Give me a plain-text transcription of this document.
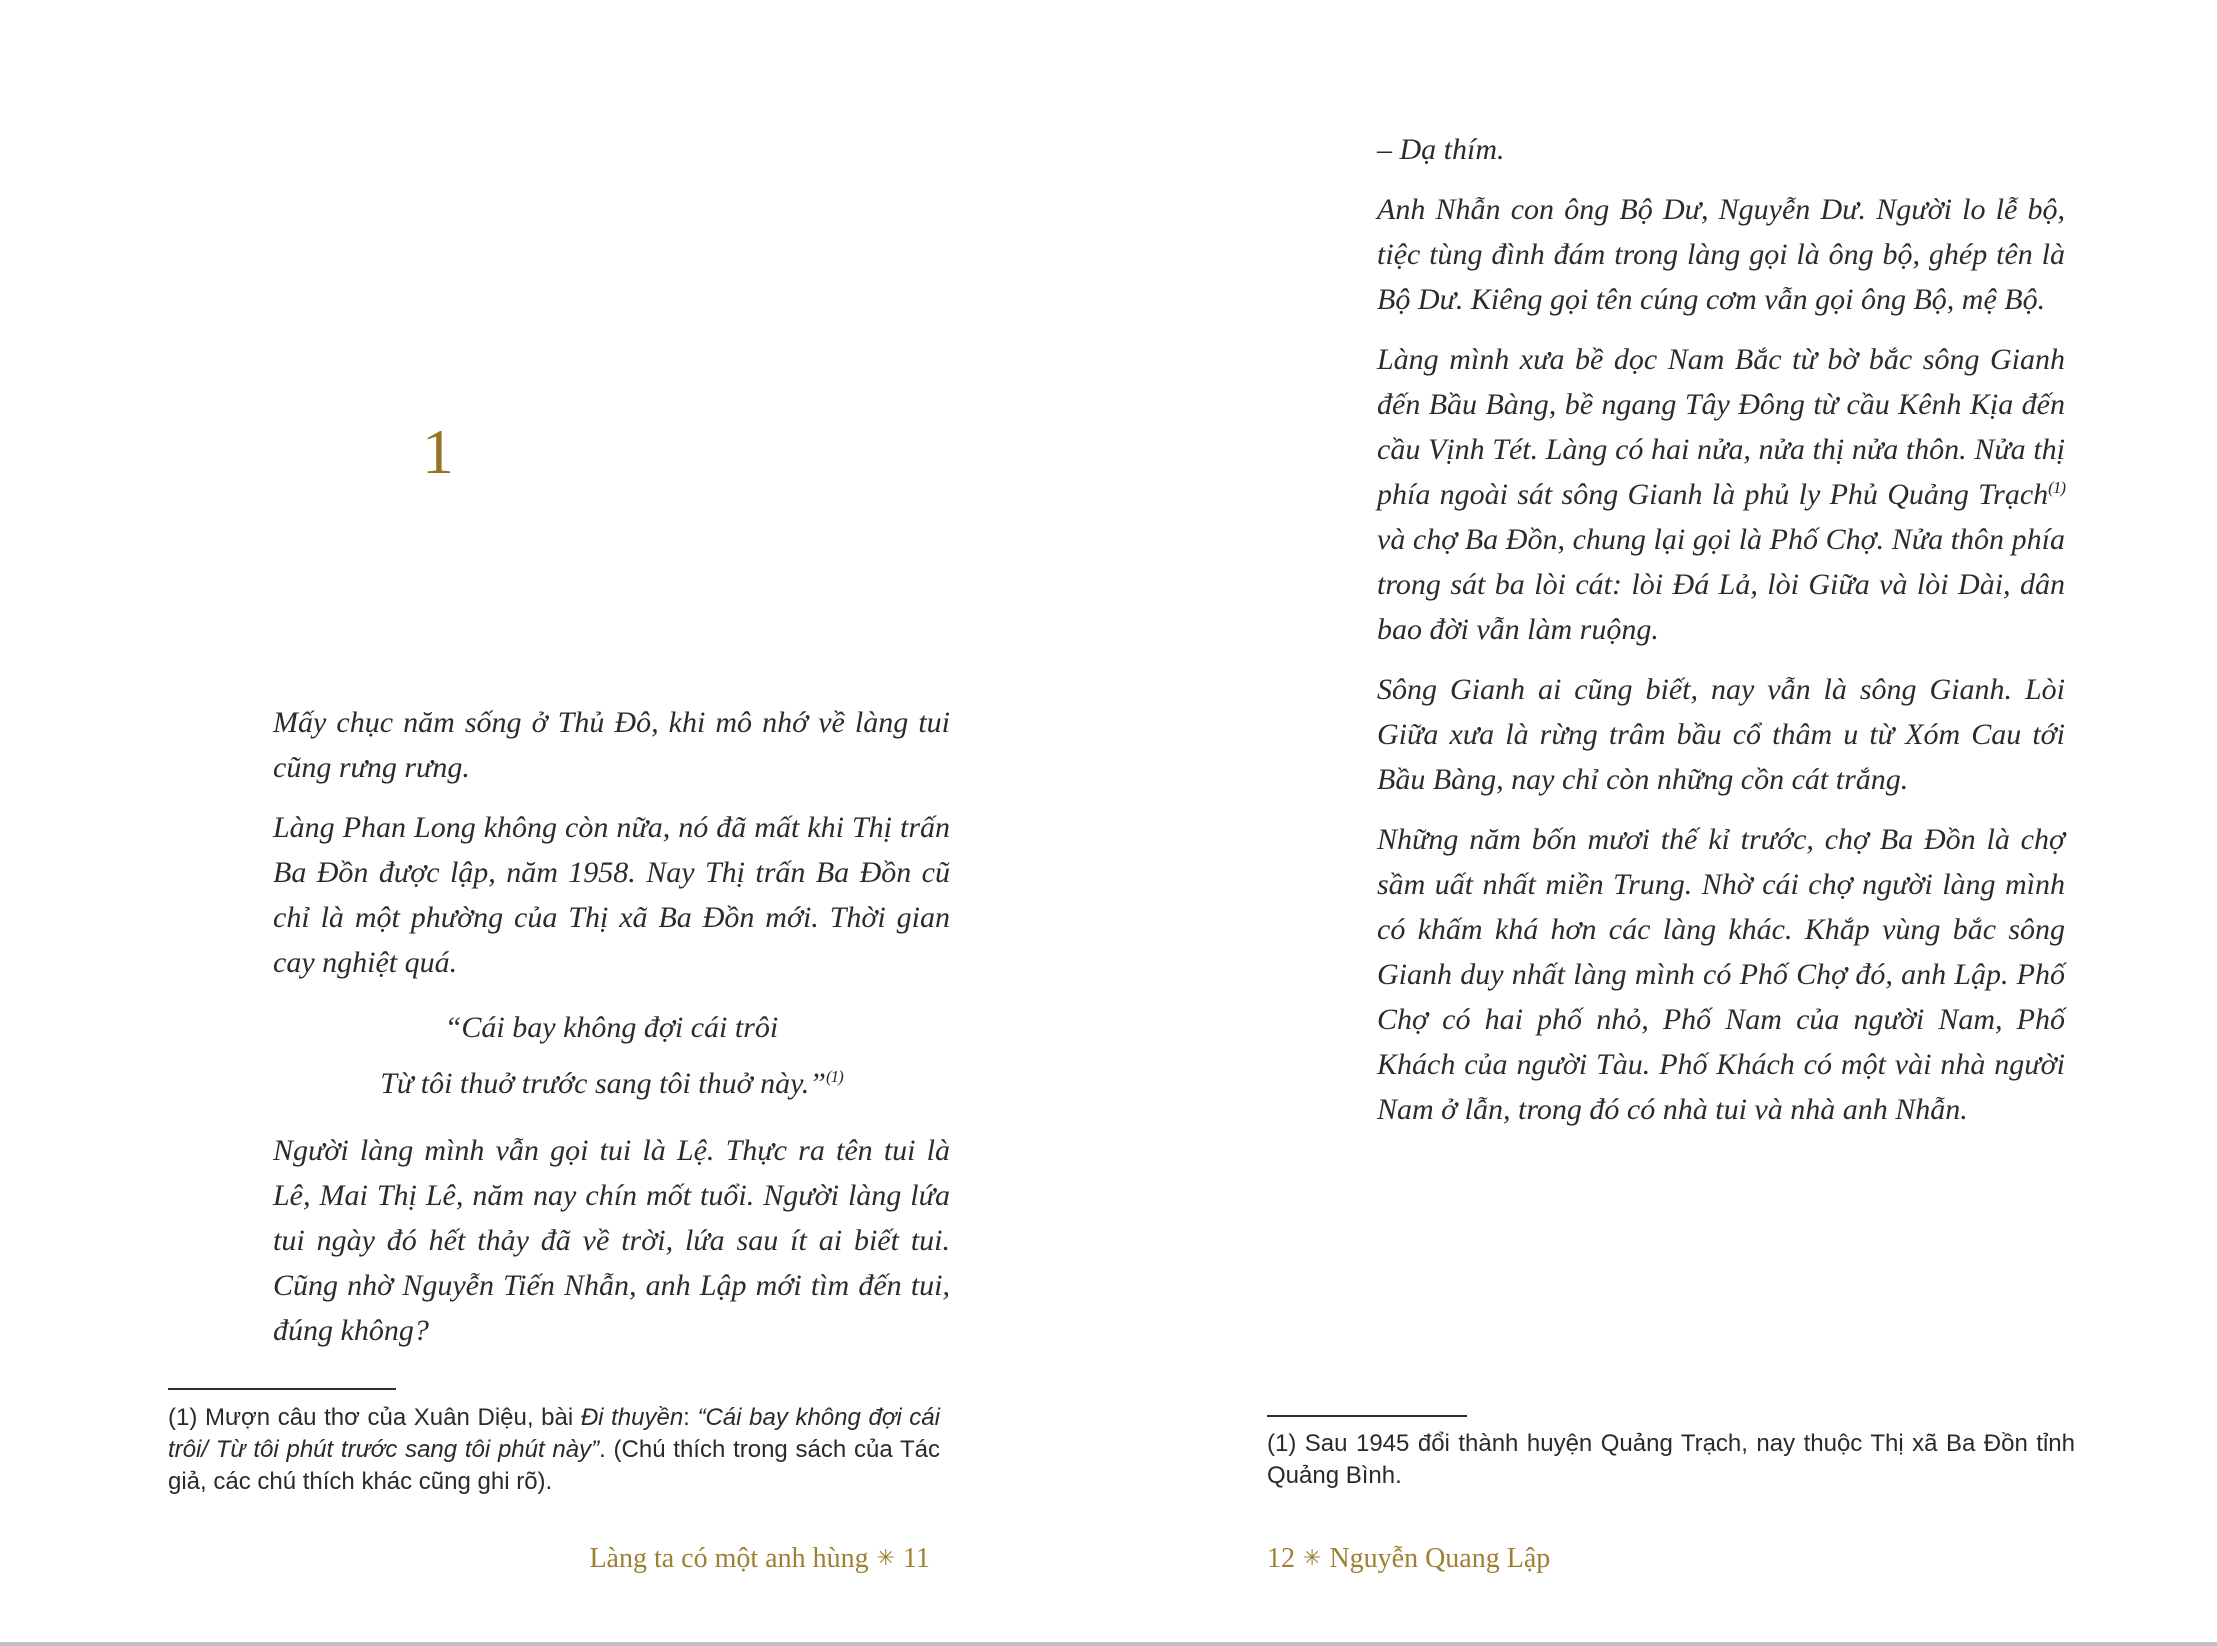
1

Mấy chục năm sống ở Thủ Đô, khi mô nhớ về làng tui cũng rưng rưng.

Làng Phan Long không còn nữa, nó đã mất khi Thị trấn Ba Đồn được lập, năm 1958. Nay Thị trấn Ba Đồn cũ chỉ là một phường của Thị xã Ba Đồn mới. Thời gian cay nghiệt quá.

“Cái bay không đợi cái trôi
Từ tôi thuở trước sang tôi thuở này.”$^{(1)}$

Người làng mình vẫn gọi tui là Lệ. Thực ra tên tui là Lê, Mai Thị Lê, năm nay chín mốt tuổi. Người làng lứa tui ngày đó hết thảy đã về trời, lứa sau ít ai biết tui. Cũng nhờ Nguyễn Tiến Nhẫn, anh Lập mới tìm đến tui, đúng không?

(1) Mượn câu thơ của Xuân Diệu, bài Đi thuyền: “Cái bay không đợi cái trôi/ Từ tôi phút trước sang tôi phút này”. (Chú thích trong sách của Tác giả, các chú thích khác cũng ghi rõ).
Làng ta có một anh hùng ✳ 11

– Dạ thím.

Anh Nhẫn con ông Bộ Dư, Nguyễn Dư. Người lo lễ bộ, tiệc tùng đình đám trong làng gọi là ông bộ, ghép tên là Bộ Dư. Kiêng gọi tên cúng cơm vẫn gọi ông Bộ, mệ Bộ.

Làng mình xưa bề dọc Nam Bắc từ bờ bắc sông Gianh đến Bầu Bàng, bề ngang Tây Đông từ cầu Kênh Kịa đến cầu Vịnh Tét. Làng có hai nửa, nửa thị nửa thôn. Nửa thị phía ngoài sát sông Gianh là phủ ly Phủ Quảng Trạch$^{(1)}$ và chợ Ba Đồn, chung lại gọi là Phố Chợ. Nửa thôn phía trong sát ba lòi cát: lòi Đá Lả, lòi Giữa và lòi Dài, dân bao đời vẫn làm ruộng.

Sông Gianh ai cũng biết, nay vẫn là sông Gianh. Lòi Giữa xưa là rừng trâm bầu cổ thâm u từ Xóm Cau tới Bầu Bàng, nay chỉ còn những cồn cát trắng.

Những năm bốn mươi thế kỉ trước, chợ Ba Đồn là chợ sầm uất nhất miền Trung. Nhờ cái chợ người làng mình có khấm khá hơn các làng khác. Khắp vùng bắc sông Gianh duy nhất làng mình có Phố Chợ đó, anh Lập. Phố Chợ có hai phố nhỏ, Phố Nam của người Nam, Phố Khách của người Tàu. Phố Khách có một vài nhà người Nam ở lẫn, trong đó có nhà tui và nhà anh Nhẫn.

(1) Sau 1945 đổi thành huyện Quảng Trạch, nay thuộc Thị xã Ba Đồn tỉnh Quảng Bình.
12 ✳ Nguyễn Quang Lập
